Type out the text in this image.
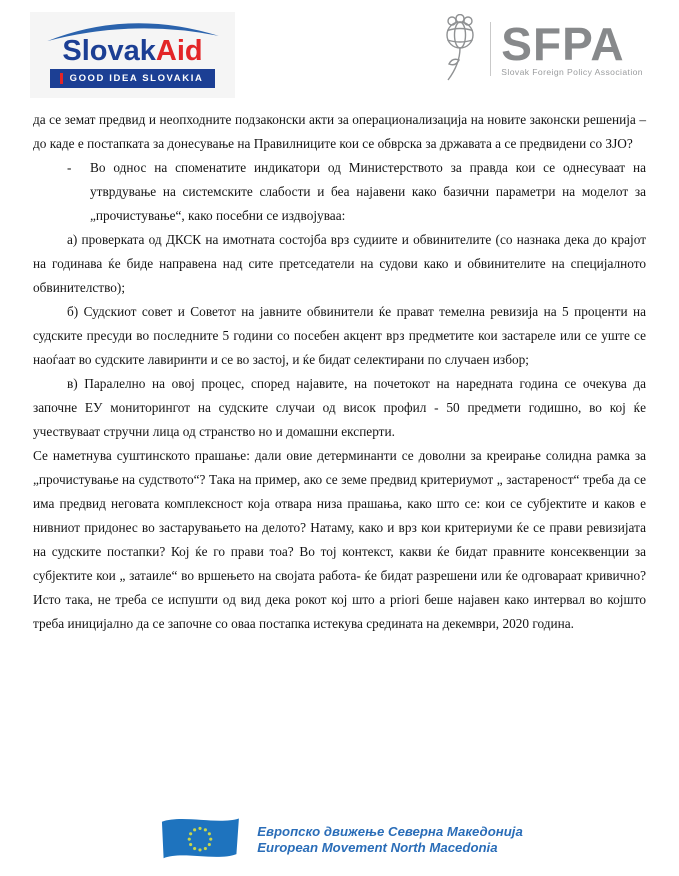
SlovakAid
GOOD IDEA SLOVAKIA
SFPA
Slovak Foreign Policy Association

да се земат предвид и неопходните подзаконски акти за операционализација на новите законски решенија – до каде е постапката за донесување на Правилниците кои се обврска за државата а се предвидени со ЗЈО?

- Во однос на споменатите индикатори од Министерството за правда кои се однесуваат на утврдување на системските слабости и беа најавени како базични параметри на моделот за „прочистување“, како посебни се издвојуваа:

а) проверката од ДКСК на имотната состојба врз судиите и обвинителите (со назнака дека до крајот на годинава ќе биде направена над сите претседатели на судови како и обвинителите на специјалното обвинителство);

б) Судскиот совет и Советот на јавните обвинители ќе прават темелна ревизија на 5 проценти на судските пресуди во последните 5 години со посебен акцент врз предметите кои застареле или се уште се наоѓаат во судските лавиринти и се во застој, и ќе бидат селектирани по случаен избор;

в) Паралелно на овој процес, според најавите, на почетокот на наредната година се очекува да започне ЕУ мониторингот на судските случаи од висок профил - 50 предмети годишно, во кој ќе учествуваат стручни лица од странство но и домашни експерти.

Се наметнува суштинското прашање: дали овие детерминанти се доволни за креирање солидна рамка за „прочистување на судството“? Така на пример, ако се земе предвид критериумот „ застареност“ треба да се има предвид неговата комплексност која отвара низа прашања, како што се: кои се субјектите и каков е нивниот придонес во застарувањето на делото? Натаму, како и врз кои критериуми ќе се прави ревизијата на судските постапки? Кој ќе го прави тоа? Во тој контекст, какви ќе бидат правните консеквенции за субјектите кои „ затаиле“ во вршењето на својата работа- ќе бидат разрешени или ќе одговараат кривично? Исто така, не треба се испушти од вид дека рокот кој што а priori беше најавен како интервал во којшто треба иницијално да се започне со оваа постапка истекува средината на декември, 2020 година.

Европско движење Северна Македонија
European Movement North Macedonia
